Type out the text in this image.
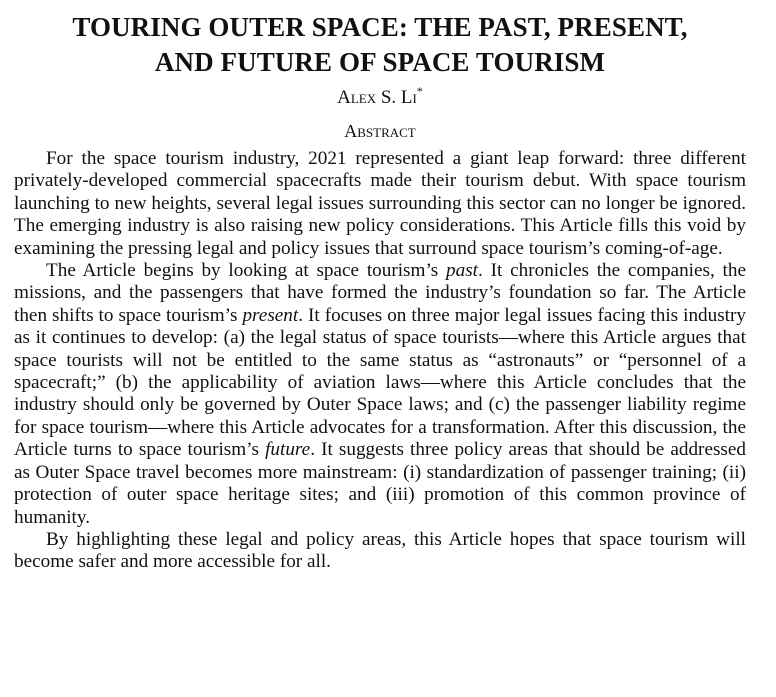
TOURING OUTER SPACE: THE PAST, PRESENT,
AND FUTURE OF SPACE TOURISM
Alex S. Li*
Abstract

For the space tourism industry, 2021 represented a giant leap forward: three different privately-developed commercial spacecrafts made their tourism debut. With space tourism launching to new heights, several legal issues surrounding this sector can no longer be ignored. The emerging industry is also raising new policy considerations. This Article fills this void by examining the pressing legal and policy issues that surround space tourism’s coming-of-age.

The Article begins by looking at space tourism’s past. It chronicles the companies, the missions, and the passengers that have formed the industry’s foundation so far. The Article then shifts to space tourism’s present. It focuses on three major legal issues facing this industry as it continues to develop: (a) the legal status of space tourists—where this Article argues that space tourists will not be entitled to the same status as “astronauts” or “personnel of a spacecraft;” (b) the applicability of aviation laws—where this Article concludes that the industry should only be governed by Outer Space laws; and (c) the passenger liability regime for space tourism—where this Article advocates for a transformation. After this discussion, the Article turns to space tourism’s future. It suggests three policy areas that should be addressed as Outer Space travel becomes more mainstream: (i) standardization of passenger training; (ii) protection of outer space heritage sites; and (iii) promotion of this common province of humanity.

By highlighting these legal and policy areas, this Article hopes that space tourism will become safer and more accessible for all.
